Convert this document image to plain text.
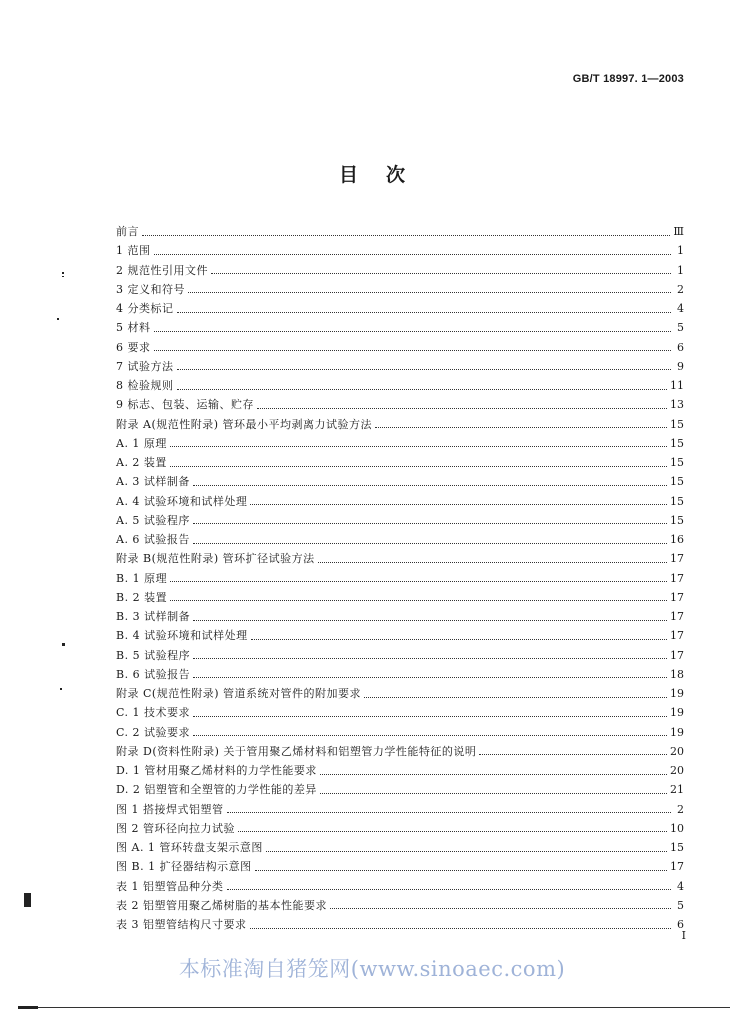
GB/T 18997. 1—2003
目次
前言	Ⅲ
1 范围	1
2 规范性引用文件	1
3 定义和符号	2
4 分类标记	4
5 材料	5
6 要求	6
7 试验方法	9
8 检验规则	11
9 标志、包装、运输、贮存	13
附录 A(规范性附录) 管环最小平均剥离力试验方法	15
A. 1 原理	15
A. 2 装置	15
A. 3 试样制备	15
A. 4 试验环境和试样处理	15
A. 5 试验程序	15
A. 6 试验报告	16
附录 B(规范性附录) 管环扩径试验方法	17
B. 1 原理	17
B. 2 装置	17
B. 3 试样制备	17
B. 4 试验环境和试样处理	17
B. 5 试验程序	17
B. 6 试验报告	18
附录 C(规范性附录) 管道系统对管件的附加要求	19
C. 1 技术要求	19
C. 2 试验要求	19
附录 D(资料性附录) 关于管用聚乙烯材料和铝塑管力学性能特征的说明	20
D. 1 管材用聚乙烯材料的力学性能要求	20
D. 2 铝塑管和全塑管的力学性能的差异	21
图 1 搭接焊式铝塑管	2
图 2 管环径向拉力试验	10
图 A. 1 管环转盘支架示意图	15
图 B. 1 扩径器结构示意图	17
表 1 铝塑管品种分类	4
表 2 铝塑管用聚乙烯树脂的基本性能要求	5
表 3 铝塑管结构尺寸要求	6
Ⅰ
本标准淘自猪笼网(www.sinoaec.com)
